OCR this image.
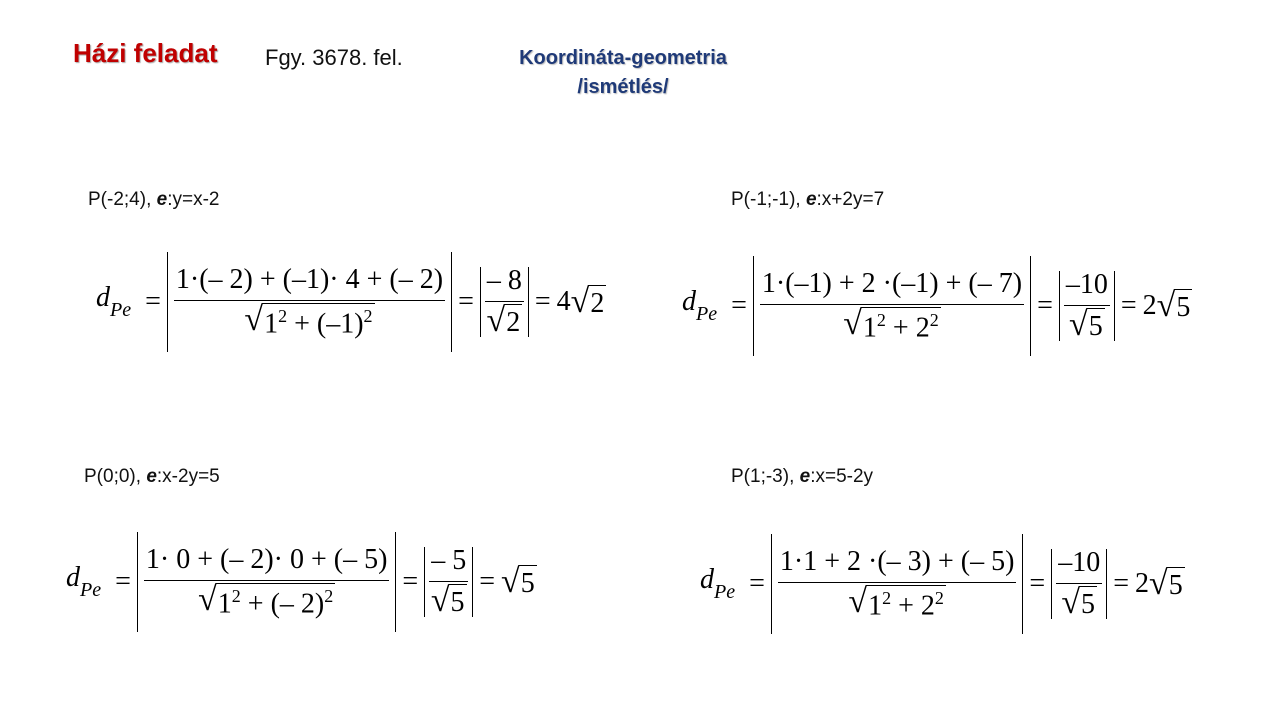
Házi feladat Fgy. 3678. fel.	Koordináta-geometria
/ismétlés/
P(-2;4), e:y=x-2
$d_{Pe} = \frac{1\cdot(- 2) + (-1)\cdot 4 + (- 2)}{√ 1^2 + (-1)^2} = \frac{- 8}{√ 2} = 4$ √ 2
P(-1;-1), e:x+2y=7
$d_{Pe} = \frac{1\cdot(-1) + 2 \cdot(-1) + (- 7)}{√ 1^2 + 2^2} = \frac{-10}{√ 5} = 2$ √ 5
P(0;0), e:x-2y=5
$d_{Pe} = \frac{1\cdot 0 + (- 2)\cdot 0 + (- 5)}{√ 1^2 + (- 2)^2} = \frac{- 5}{√ 5}$ = √ 5
P(1;-3), e:x=5-2y
$d_{Pe} = \frac{1\cdot 1 + 2 \cdot(- 3) + (- 5)}{√ 1^2 + 2^2} = \frac{-10}{√ 5} = 2$ √ 5
